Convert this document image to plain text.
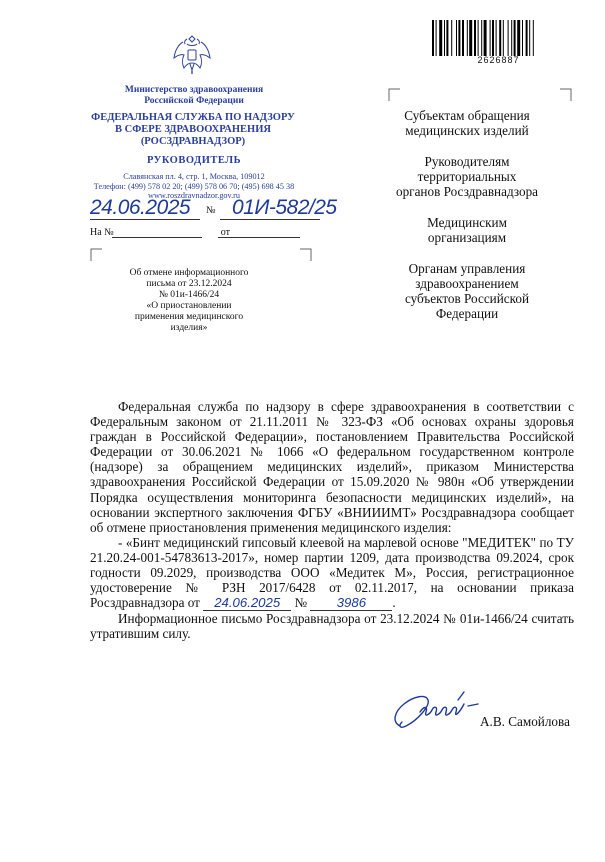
2626887
Министерство здравоохранения
Российской Федерации
ФЕДЕРАЛЬНАЯ СЛУЖБА ПО НАДЗОРУ
В СФЕРЕ ЗДРАВООХРАНЕНИЯ
(РОСЗДРАВНАДЗОР)
РУКОВОДИТЕЛЬ
Славянская пл. 4, стр. 1, Москва, 109012
Телефон: (499) 578 02 20; (499) 578 06 70; (495) 698 45 38
www.roszdravnadzor.gov.ru
24.06.2025 № 01И-582/25
На №	от
Об отмене информационного
письма от 23.12.2024
№ 01и-1466/24
«О приостановлении
применения медицинского
изделия»

Субъектам обращения
медицинских изделий

Руководителям
территориальных
органов Росздравнадзора

Медицинским
организациям

Органам управления
здравоохранением
субъектов Российской
Федерации

Федеральная служба по надзору в сфере здравоохранения в соответствии с Федеральным законом от 21.11.2011 № 323-ФЗ «Об основах охраны здоровья граждан в Российской Федерации», постановлением Правительства Российской Федерации от 30.06.2021 № 1066 «О федеральном государственном контроле (надзоре) за обращением медицинских изделий», приказом Министерства здравоохранения Российской Федерации от 15.09.2020 № 980н «Об утверждении Порядка осуществления мониторинга безопасности медицинских изделий», на основании экспертного заключения ФГБУ «ВНИИИМТ» Росздравнадзора сообщает об отмене приостановления применения медицинского изделия:

- «Бинт медицинский гипсовый клеевой на марлевой основе "МЕДИТЕК" по ТУ 21.20.24-001-54783613-2017», номер партии 1209, дата производства 09.2024, срок годности 09.2029, производства ООО «Медитек М», Россия, регистрационное удостоверение № РЗН 2017/6428 от 02.11.2017, на основании приказа Росздравнадзора от 24.06.2025 № 3986 .

Информационное письмо Росздравнадзора от 23.12.2024 № 01и-1466/24 считать утратившим силу.

А.В. Самойлова
